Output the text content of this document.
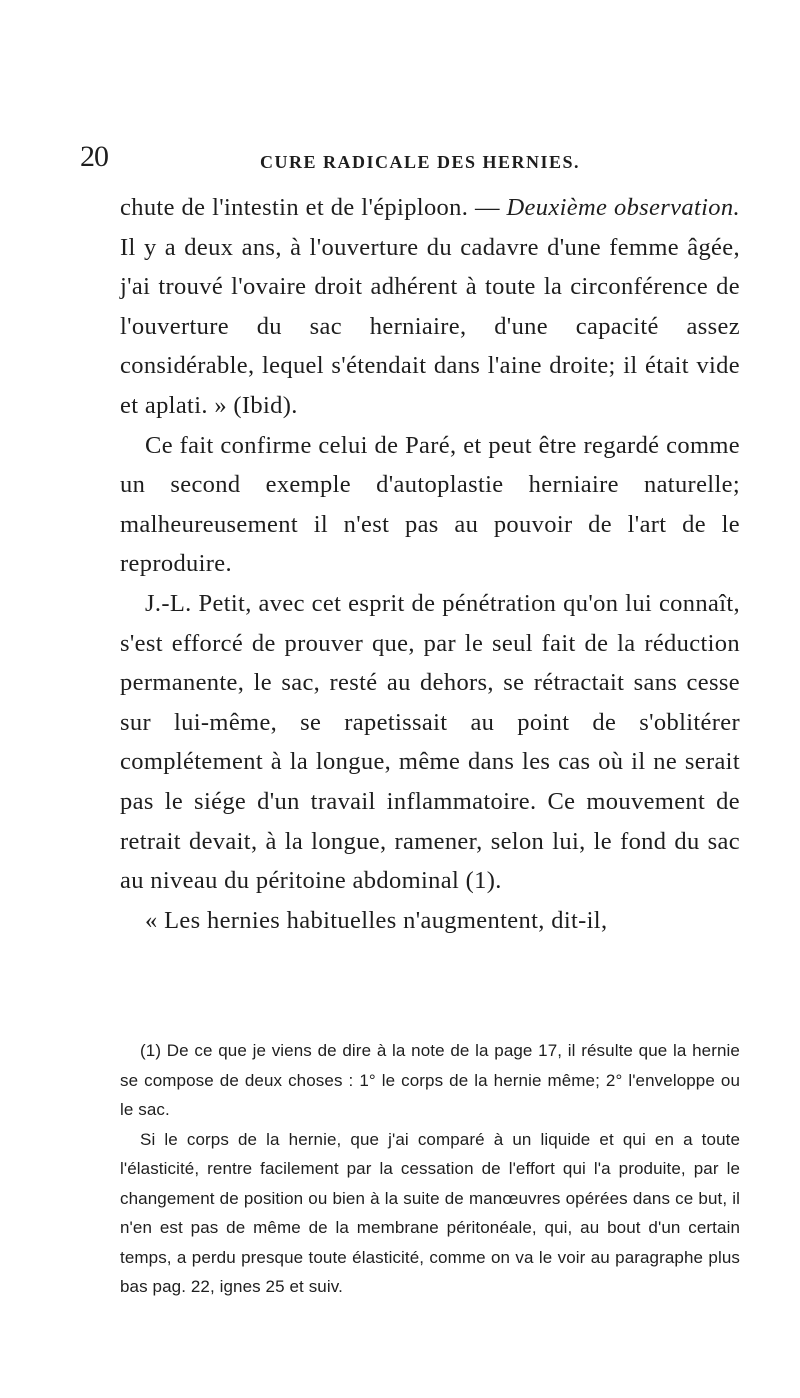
20	CURE RADICALE DES HERNIES.

chute de l'intestin et de l'épiploon. — Deuxième observation. Il y a deux ans, à l'ouverture du cadavre d'une femme âgée, j'ai trouvé l'ovaire droit adhérent à toute la circonférence de l'ouverture du sac herniaire, d'une capacité assez considérable, lequel s'étendait dans l'aine droite; il était vide et aplati. » (Ibid).

Ce fait confirme celui de Paré, et peut être regardé comme un second exemple d'autoplastie herniaire naturelle; malheureusement il n'est pas au pouvoir de l'art de le reproduire.

J.-L. Petit, avec cet esprit de pénétration qu'on lui connaît, s'est efforcé de prouver que, par le seul fait de la réduction permanente, le sac, resté au dehors, se rétractait sans cesse sur lui-même, se rapetissait au point de s'oblitérer complétement à la longue, même dans les cas où il ne serait pas le siége d'un travail inflammatoire. Ce mouvement de retrait devait, à la longue, ramener, selon lui, le fond du sac au niveau du péritoine abdominal (1).

« Les hernies habituelles n'augmentent, dit-il,

(1) De ce que je viens de dire à la note de la page 17, il résulte que la hernie se compose de deux choses : 1° le corps de la hernie même; 2° l'enveloppe ou le sac.

Si le corps de la hernie, que j'ai comparé à un liquide et qui en a toute l'élasticité, rentre facilement par la cessation de l'effort qui l'a produite, par le changement de position ou bien à la suite de manœuvres opérées dans ce but, il n'en est pas de même de la membrane péritonéale, qui, au bout d'un certain temps, a perdu presque toute élasticité, comme on va le voir au paragraphe plus bas pag. 22, ignes 25 et suiv.
